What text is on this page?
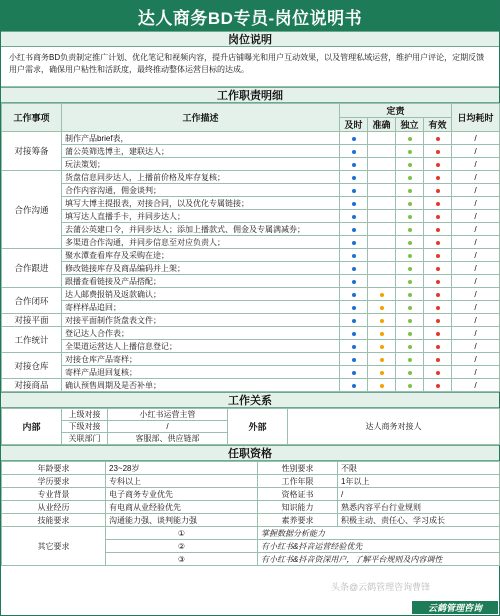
达人商务BD专员-岗位说明书
岗位说明
小红书商务BD负责制定推广计划、优化笔记和视频内容，提升店铺曝光和用户互动效果，以及管理私域运营，维护用户评论，定期反馈用户需求，确保用户粘性和活跃度，最终推动整体运营目标的达成。
工作职责明细
工作事项	工作描述	定责				日均耗时
		及时	准确	独立	有效	
对接筹备	制作产品brief表，					/
	蒲公英筛选博主，建联达人；					/
	玩法策划；					/
合作沟通	货盘信息同步达人，上播前价格及库存复核；					/
	合作内容沟通，佣金谈判；					/
	填写大博主提报表，对接合同，以及优化专属链接；					/
	填写达人直播手卡，并同步达人；					/
	去蒲公英建口令，并同步达人；添加上播款式、佣金及专属满减券；					/
	多渠道合作沟通，并同步信息至对应负责人；					/
合作跟进	聚水潭查看库存及采购在途；					/
	修改链接库存及商品编码并上架；					/
	跟播查看链接及产品搭配；					/
合作闭环	达人邮费报销及返款确认；					/
	寄样样品追回；					/
对接平面	对接平面制作货盘表文件；					/
工作统计	登记达人合作表；					/
	全渠道运营达人上播信息登记；					/
对接仓库	对接仓库产品寄样；					/
	寄样产品退回复核；					/
对接商品	确认预售周期及是否补单；					/
工作关系
内部	上级对接	小红书运营主管	外部	达人商务对接人
	下级对接	/		
	关联部门	客服部、供应链部		
任职资格
年龄要求	23~28岁	性别要求	不限
学历要求	专科以上	工作年限	1年以上
专业背景	电子商务专业优先	资格证书	/
从业经历	有电商从业经验优先	知识能力	熟悉内容平台行业规则
技能要求	沟通能力强、谈判能力强	素养要求	积极主动、责任心、学习成长
其它要求	①	掌握数据分析能力	
	②	有小红书&抖音运营经验优先	
	③	有小红书&抖音资深用户，了解平台规则及内容调性	
头条@云鹤管理咨询曹锋
云鹤管理咨询
